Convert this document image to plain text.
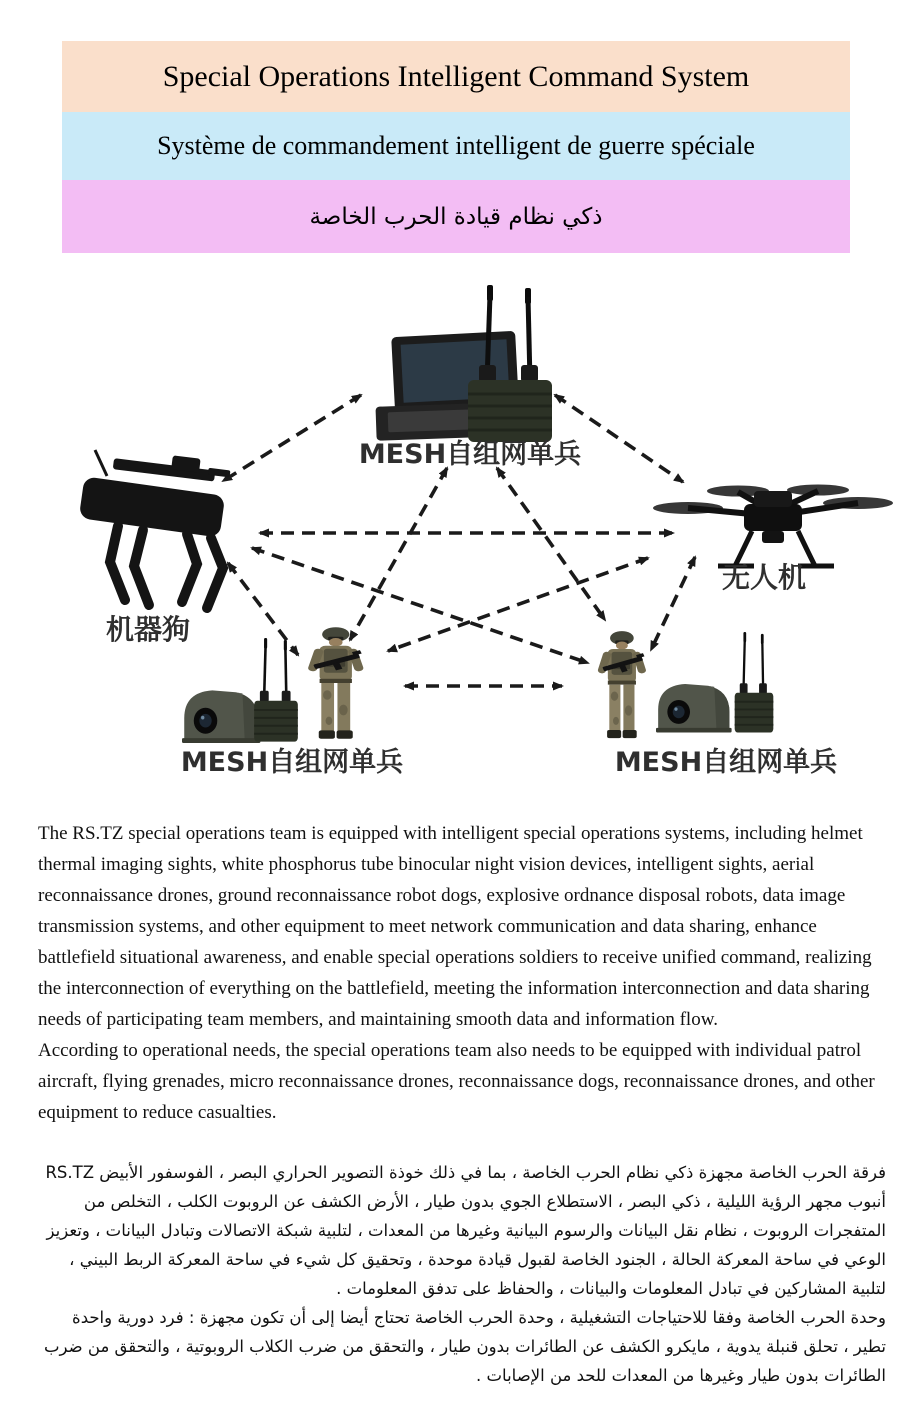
Special Operations Intelligent Command System
Système de commandement intelligent de guerre spéciale
ذكي نظام قيادة الحرب الخاصة
MESH自组网单兵
机器狗
无人机
MESH自组网单兵	MESH自组网单兵

The RS.TZ special operations team is equipped with intelligent special operations systems, including helmet thermal imaging sights, white phosphorus tube binocular night vision devices, intelligent sights, aerial reconnaissance drones, ground reconnaissance robot dogs, explosive ordnance disposal robots, data image transmission systems, and other equipment to meet network communication and data sharing, enhance battlefield situational awareness, and enable special operations soldiers to receive unified command, realizing the interconnection of everything on the battlefield, meeting the information interconnection and data sharing needs of participating team members, and maintaining smooth data and information flow.

According to operational needs, the special operations team also needs to be equipped with individual patrol aircraft, flying grenades, micro reconnaissance drones, reconnaissance dogs, reconnaissance drones, and other equipment to reduce casualties.

فرقة الحرب الخاصة مجهزة ذكي نظام الحرب الخاصة ، بما في ذلك خوذة التصوير الحراري البصر ، الفوسفور الأبيض RS.TZ أنبوب مجهر الرؤية الليلية ، ذكي البصر ، الاستطلاع الجوي بدون طيار ، الأرض الكشف عن الروبوت الكلب ، التخلص من المتفجرات الروبوت ، نظام نقل البيانات والرسوم البيانية وغيرها من المعدات ، لتلبية شبكة الاتصالات وتبادل البيانات ، وتعزيز الوعي في ساحة المعركة الحالة ، الجنود الخاصة لقبول قيادة موحدة ، وتحقيق كل شيء في ساحة المعركة الربط البيني ، لتلبية المشاركين في تبادل المعلومات والبيانات ، والحفاظ على تدفق المعلومات .

وحدة الحرب الخاصة وفقا للاحتياجات التشغيلية ، وحدة الحرب الخاصة تحتاج أيضا إلى أن تكون مجهزة : فرد دورية واحدة تطير ، تحلق قنبلة يدوية ، مايكرو الكشف عن الطائرات بدون طيار ، والتحقق من ضرب الكلاب الروبوتية ، والتحقق من ضرب الطائرات بدون طيار وغيرها من المعدات للحد من الإصابات .
